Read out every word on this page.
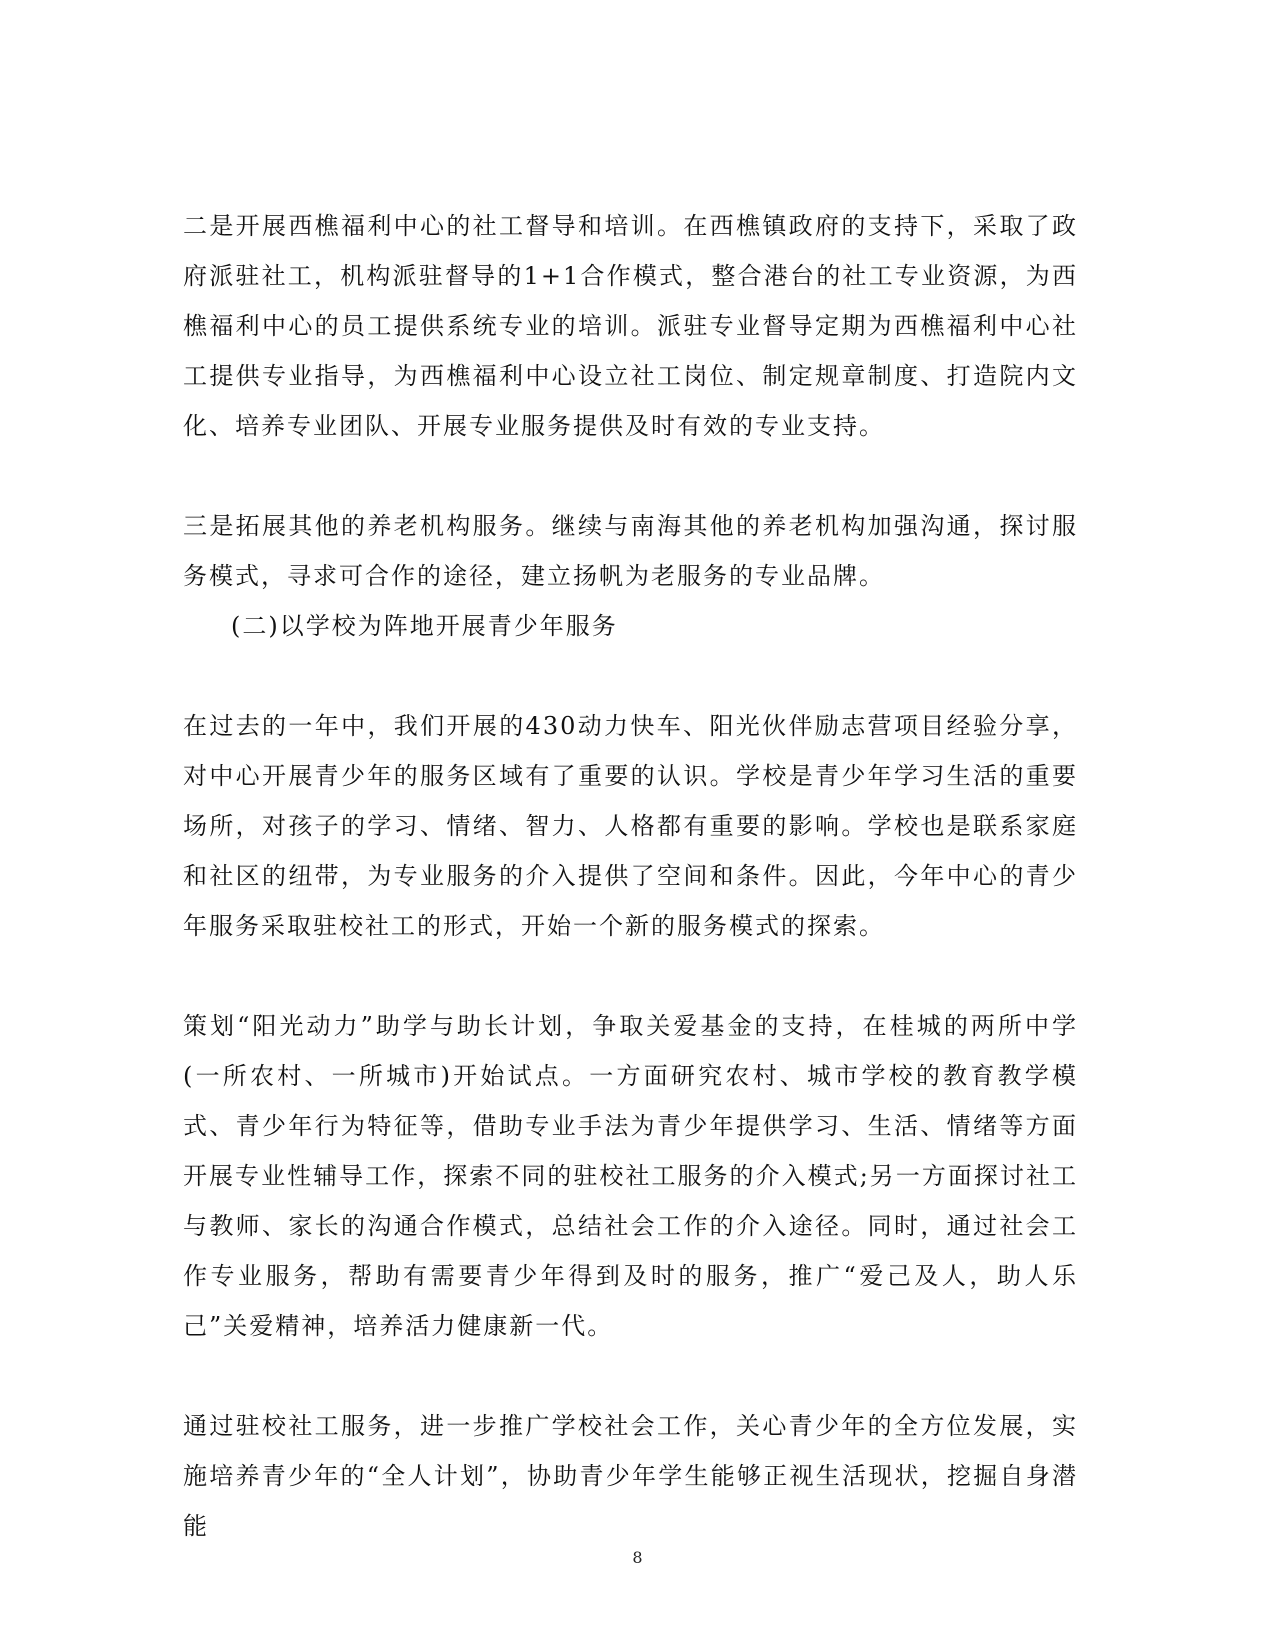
二是开展西樵福利中心的社工督导和培训。在西樵镇政府的支持下，采取了政府派驻社工，机构派驻督导的1+1合作模式，整合港台的社工专业资源，为西樵福利中心的员工提供系统专业的培训。派驻专业督导定期为西樵福利中心社工提供专业指导，为西樵福利中心设立社工岗位、制定规章制度、打造院内文化、培养专业团队、开展专业服务提供及时有效的专业支持。

三是拓展其他的养老机构服务。继续与南海其他的养老机构加强沟通，探讨服务模式，寻求可合作的途径，建立扬帆为老服务的专业品牌。

(二)以学校为阵地开展青少年服务

在过去的一年中，我们开展的430动力快车、阳光伙伴励志营项目经验分享，对中心开展青少年的服务区域有了重要的认识。学校是青少年学习生活的重要场所，对孩子的学习、情绪、智力、人格都有重要的影响。学校也是联系家庭和社区的纽带，为专业服务的介入提供了空间和条件。因此，今年中心的青少年服务采取驻校社工的形式，开始一个新的服务模式的探索。

策划“阳光动力”助学与助长计划，争取关爱基金的支持，在桂城的两所中学(一所农村、一所城市)开始试点。一方面研究农村、城市学校的教育教学模式、青少年行为特征等，借助专业手法为青少年提供学习、生活、情绪等方面开展专业性辅导工作，探索不同的驻校社工服务的介入模式;另一方面探讨社工与教师、家长的沟通合作模式，总结社会工作的介入途径。同时，通过社会工作专业服务，帮助有需要青少年得到及时的服务，推广“爱己及人，助人乐己”关爱精神，培养活力健康新一代。

通过驻校社工服务，进一步推广学校社会工作，关心青少年的全方位发展，实施培养青少年的“全人计划”，协助青少年学生能够正视生活现状，挖掘自身潜能

8
